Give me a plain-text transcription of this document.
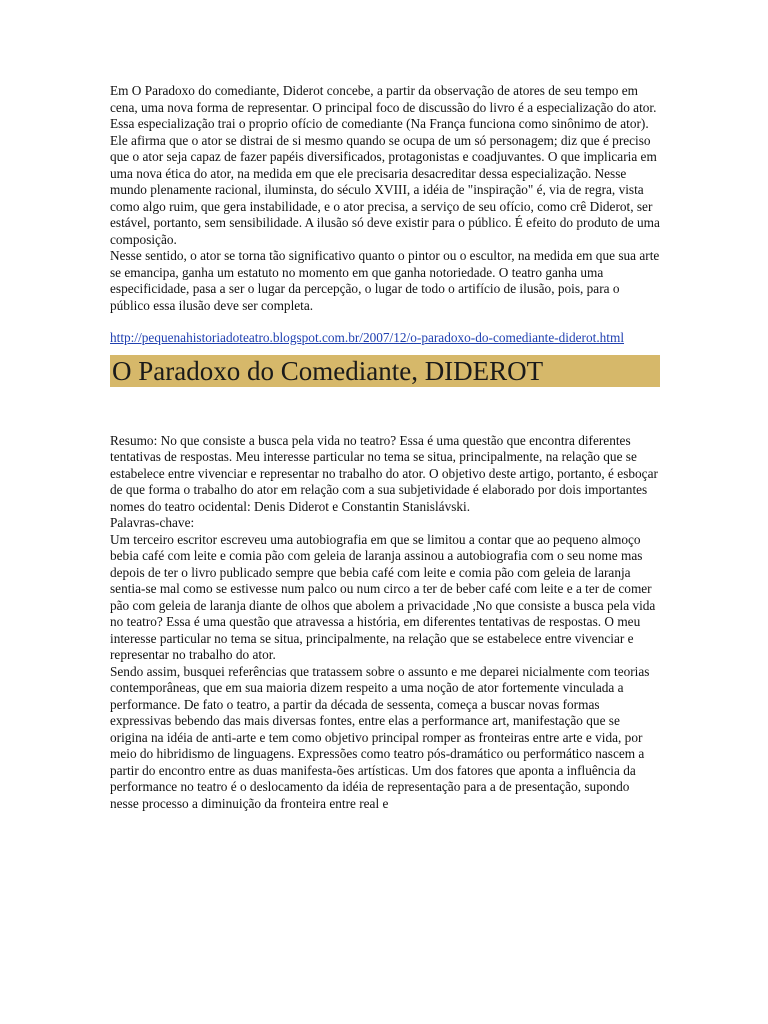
Em O Paradoxo do comediante, Diderot concebe, a partir da observação de atores de seu tempo em cena, uma nova forma de representar. O principal foco de discussão do livro é a especialização do ator. Essa especialização trai o proprio ofício de comediante (Na França funciona como sinônimo de ator). Ele afirma que o ator se distrai de si mesmo quando se ocupa de um só personagem; diz que é preciso que o ator seja capaz de fazer papéis diversificados, protagonistas e coadjuvantes. O que implicaria em uma nova ética do ator, na medida em que ele precisaria desacreditar dessa especialização. Nesse mundo plenamente racional, iluminsta, do século XVIII, a idéia de "inspiração" é, via de regra, vista como algo ruim, que gera instabilidade, e o ator precisa, a serviço de seu ofício, como crê Diderot, ser estável, portanto, sem sensibilidade. A ilusão só deve existir para o público. É efeito do produto de uma composição.

Nesse sentido, o ator se torna tão significativo quanto o pintor ou o escultor, na medida em que sua arte se emancipa, ganha um estatuto no momento em que ganha notoriedade. O teatro ganha uma especificidade, pasa a ser o lugar da percepção, o lugar de todo o artifício de ilusão, pois, para o público essa ilusão deve ser completa.

http://pequenahistoriadoteatro.blogspot.com.br/2007/12/o-paradoxo-do-comediante-diderot.html
O Paradoxo do Comediante, DIDEROT

Resumo: No que consiste a busca pela vida no teatro? Essa é uma questão que encontra diferentes tentativas de respostas. Meu interesse particular no tema se situa, principalmente, na relação que se estabelece entre vivenciar e representar no trabalho do ator. O objetivo deste artigo, portanto, é esboçar de que forma o trabalho do ator em relação com a sua subjetividade é elaborado por dois importantes nomes do teatro ocidental: Denis Diderot e Constantin Stanislávski.

Palavras-chave:

Um terceiro escritor escreveu uma autobiografia em que se limitou a contar que ao pequeno almoço bebia café com leite e comia pão com geleia de laranja assinou a autobiografia com o seu nome mas depois de ter o livro publicado sempre que bebia café com leite e comia pão com geleia de laranja sentia-se mal como se estivesse num palco ou num circo a ter de beber café com leite e a ter de comer pão com geleia de laranja diante de olhos que abolem a privacidade ,No que consiste a busca pela vida no teatro? Essa é uma questão que atravessa a história, em diferentes tentativas de respostas. O meu interesse particular no tema se situa, principalmente, na relação que se estabelece entre vivenciar e representar no trabalho do ator.

Sendo assim, busquei referências que tratassem sobre o assunto e me deparei nicialmente com teorias contemporâneas, que em sua maioria dizem respeito a uma noção de ator fortemente vinculada a performance. De fato o teatro, a partir da década de sessenta, começa a buscar novas formas expressivas bebendo das mais diversas fontes, entre elas a performance art, manifestação que se origina na idéia de anti-arte e tem como objetivo principal romper as fronteiras entre arte e vida, por meio do hibridismo de linguagens. Expressões como teatro pós-dramático ou performático nascem a partir do encontro entre as duas manifesta-ões artísticas. Um dos fatores que aponta a influência da performance no teatro é o deslocamento da idéia de representação para a de presentação, supondo nesse processo a diminuição da fronteira entre real e
